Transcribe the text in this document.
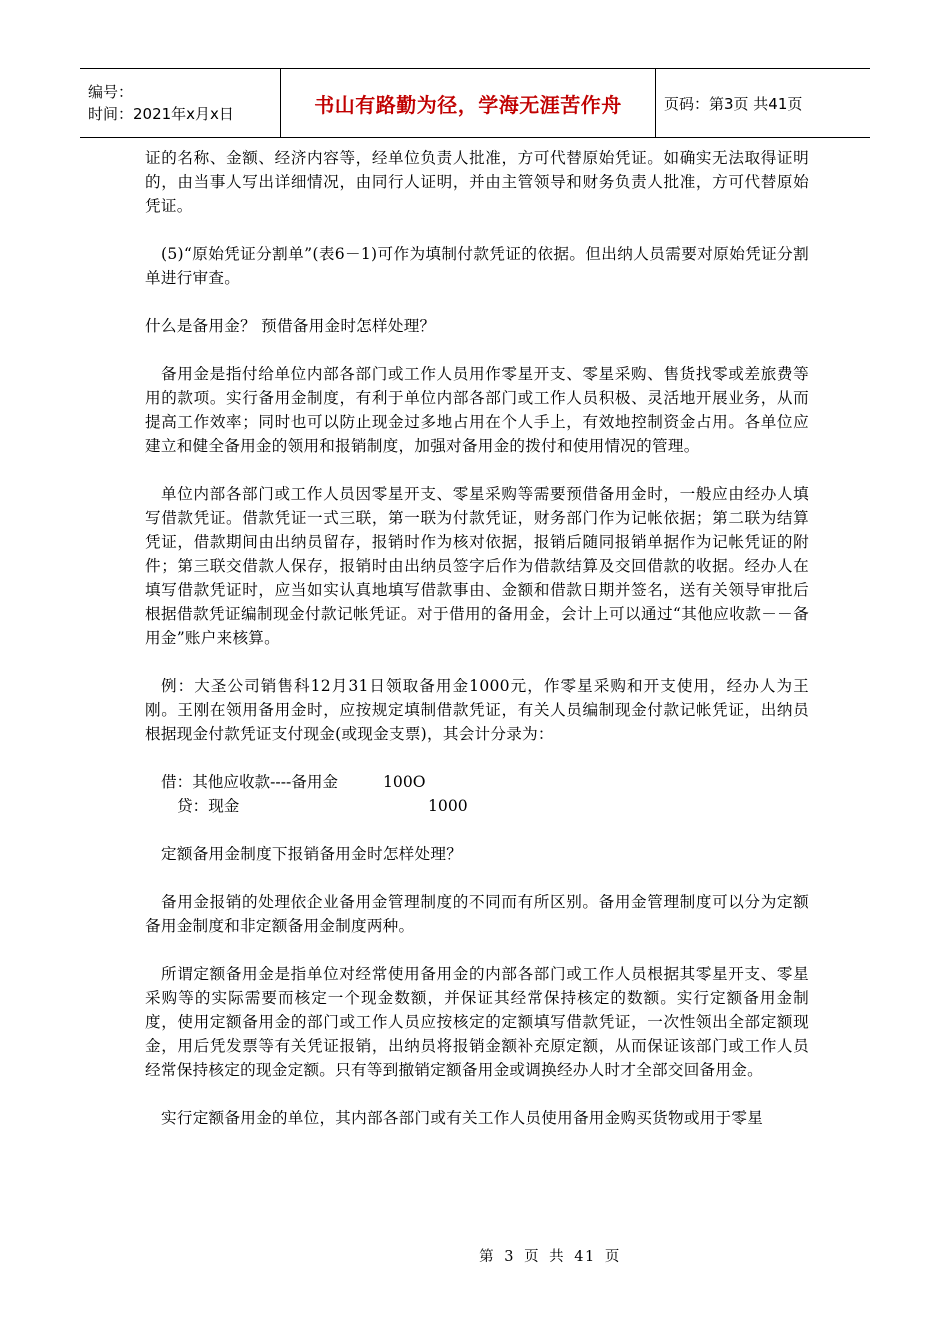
编号：
时间：2021年x月x日	书山有路勤为径，学海无涯苦作舟	页码：第3页 共41页

证的名称、金额、经济内容等，经单位负责人批准，方可代替原始凭证。如确实无法取得证明的，由当事人写出详细情况，由同行人证明，并由主管领导和财务负责人批准，方可代替原始凭证。

(5)“原始凭证分割单”(表6－1)可作为填制付款凭证的依据。但出纳人员需要对原始凭证分割单进行审查。

什么是备用金？ 预借备用金时怎样处理？

备用金是指付给单位内部各部门或工作人员用作零星开支、零星采购、售货找零或差旅费等用的款项。实行备用金制度，有利于单位内部各部门或工作人员积极、灵活地开展业务，从而提高工作效率；同时也可以防止现金过多地占用在个人手上，有效地控制资金占用。各单位应建立和健全备用金的领用和报销制度，加强对备用金的拨付和使用情况的管理。

单位内部各部门或工作人员因零星开支、零星采购等需要预借备用金时，一般应由经办人填写借款凭证。借款凭证一式三联，第一联为付款凭证，财务部门作为记帐依据；第二联为结算凭证，借款期间由出纳员留存，报销时作为核对依据，报销后随同报销单据作为记帐凭证的附件；第三联交借款人保存，报销时由出纳员签字后作为借款结算及交回借款的收据。经办人在填写借款凭证时，应当如实认真地填写借款事由、金额和借款日期并签名，送有关领导审批后根据借款凭证编制现金付款记帐凭证。对于借用的备用金，会计上可以通过“其他应收款－－备用金”账户来核算。

例：大圣公司销售科12月31日领取备用金1000元，作零星采购和开支使用，经办人为王刚。王刚在领用备用金时，应按规定填制借款凭证，有关人员编制现金付款记帐凭证，出纳员根据现金付款凭证支付现金(或现金支票)，其会计分录为：

借：其他应收款----备用金	100O
贷：现金	1000

定额备用金制度下报销备用金时怎样处理？

备用金报销的处理依企业备用金管理制度的不同而有所区别。备用金管理制度可以分为定额备用金制度和非定额备用金制度两种。

所谓定额备用金是指单位对经常使用备用金的内部各部门或工作人员根据其零星开支、零星采购等的实际需要而核定一个现金数额，并保证其经常保持核定的数额。实行定额备用金制度，使用定额备用金的部门或工作人员应按核定的定额填写借款凭证，一次性领出全部定额现金，用后凭发票等有关凭证报销，出纳员将报销金额补充原定额，从而保证该部门或工作人员经常保持核定的现金定额。只有等到撤销定额备用金或调换经办人时才全部交回备用金。

实行定额备用金的单位，其内部各部门或有关工作人员使用备用金购买货物或用于零星

第 3 页 共 41 页
